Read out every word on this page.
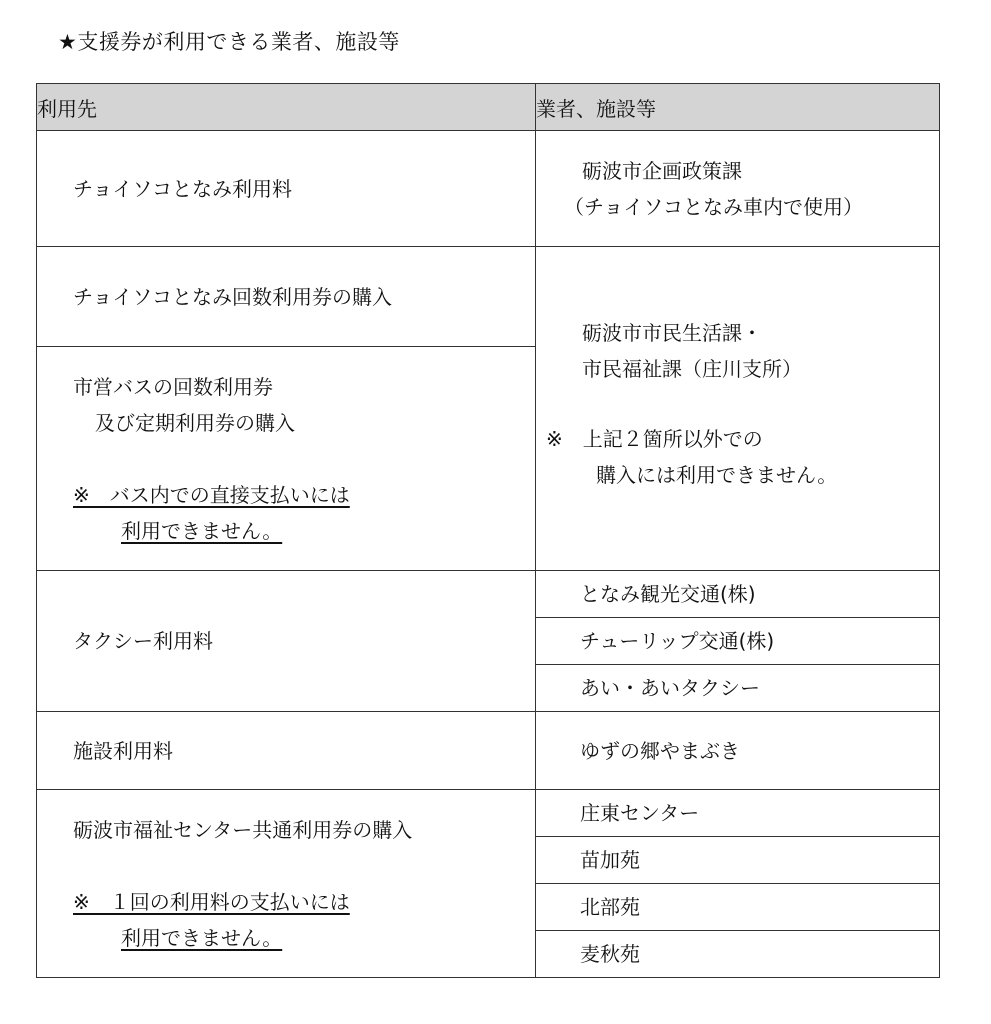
★支援券が利用できる業者、施設等
利用先	業者、施設等

チョイソコとなみ利用料	砺波市企画政策課
（チョイソコとなみ車内で使用）

チョイソコとなみ回数利用券の購入	砺波市市民生活課・
市民福祉課（庄川支所）
※　上記２箇所以外での
購入には利用できません。

市営バスの回数利用券
及び定期利用券の購入
※　バス内での直接支払いには
利用できません。	

タクシー利用料	となみ観光交通(株)

	チューリップ交通(株)

	あい・あいタクシー

施設利用料	ゆずの郷やまぶき

砺波市福祉センター共通利用券の購入
※　１回の利用料の支払いには
利用できません。	庄東センター

	苗加苑

	北部苑

	麦秋苑
